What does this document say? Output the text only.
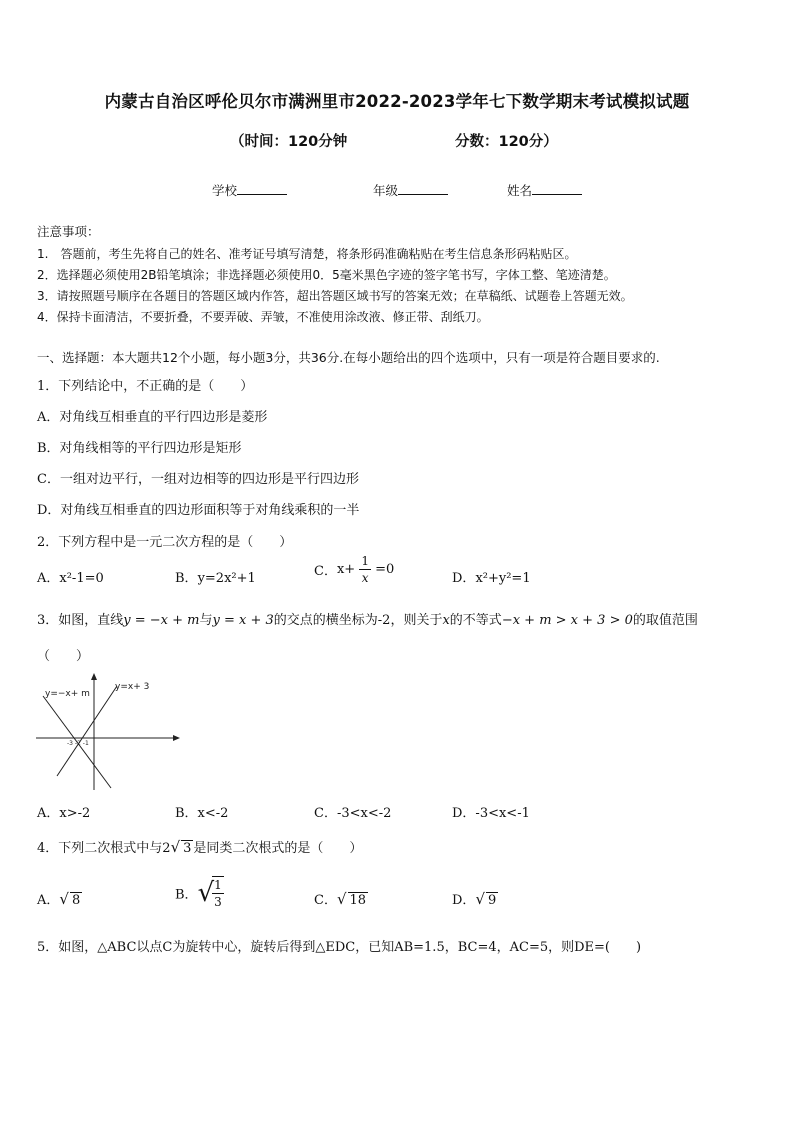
内蒙古自治区呼伦贝尔市满洲里市2022-2023学年七下数学期末考试模拟试题
（时间：120分钟	分数：120分）
学校	年级	姓名
注意事项：
1.　答题前，考生先将自己的姓名、准考证号填写清楚，将条形码准确粘贴在考生信息条形码粘贴区。
2．选择题必须使用2B铅笔填涂；非选择题必须使用0．5毫米黑色字迹的签字笔书写，字体工整、笔迹清楚。
3．请按照题号顺序在各题目的答题区域内作答，超出答题区域书写的答案无效；在草稿纸、试题卷上答题无效。
4．保持卡面清洁，不要折叠，不要弄破、弄皱，不准使用涂改液、修正带、刮纸刀。
一、选择题：本大题共12个小题，每小题3分，共36分.在每小题给出的四个选项中，只有一项是符合题目要求的.
1．下列结论中，不正确的是（　　）
A．对角线互相垂直的平行四边形是菱形
B．对角线相等的平行四边形是矩形
C．一组对边平行，一组对边相等的四边形是平行四边形
D．对角线互相垂直的四边形面积等于对角线乘积的一半
2．下列方程中是一元二次方程的是（　　）
A．x²-1=0	B．y=2x²+1	C．$x+ \frac{1}{x} =0$
D．x²+y²=1
3．如图，直线y = −x + m与y = x + 3的交点的横坐标为-2，则关于x的不等式−x + m > x + 3 > 0的取值范围
（　　）
y=−x+ m
y=x+ 3
-3 -2 -1
A．x>-2	B．x<-2	C．-3<x<-2	D．-3<x<-1
4．下列二次根式中与2√ 3 是同类二次根式的是（　　）
A．√ 8	B．√
$\frac{1}{3}$	C．√ 18	D．√ 9
5．如图，△ABC以点C为旋转中心，旋转后得到△EDC，已知AB=1.5，BC=4，AC=5，则DE=(　　)
